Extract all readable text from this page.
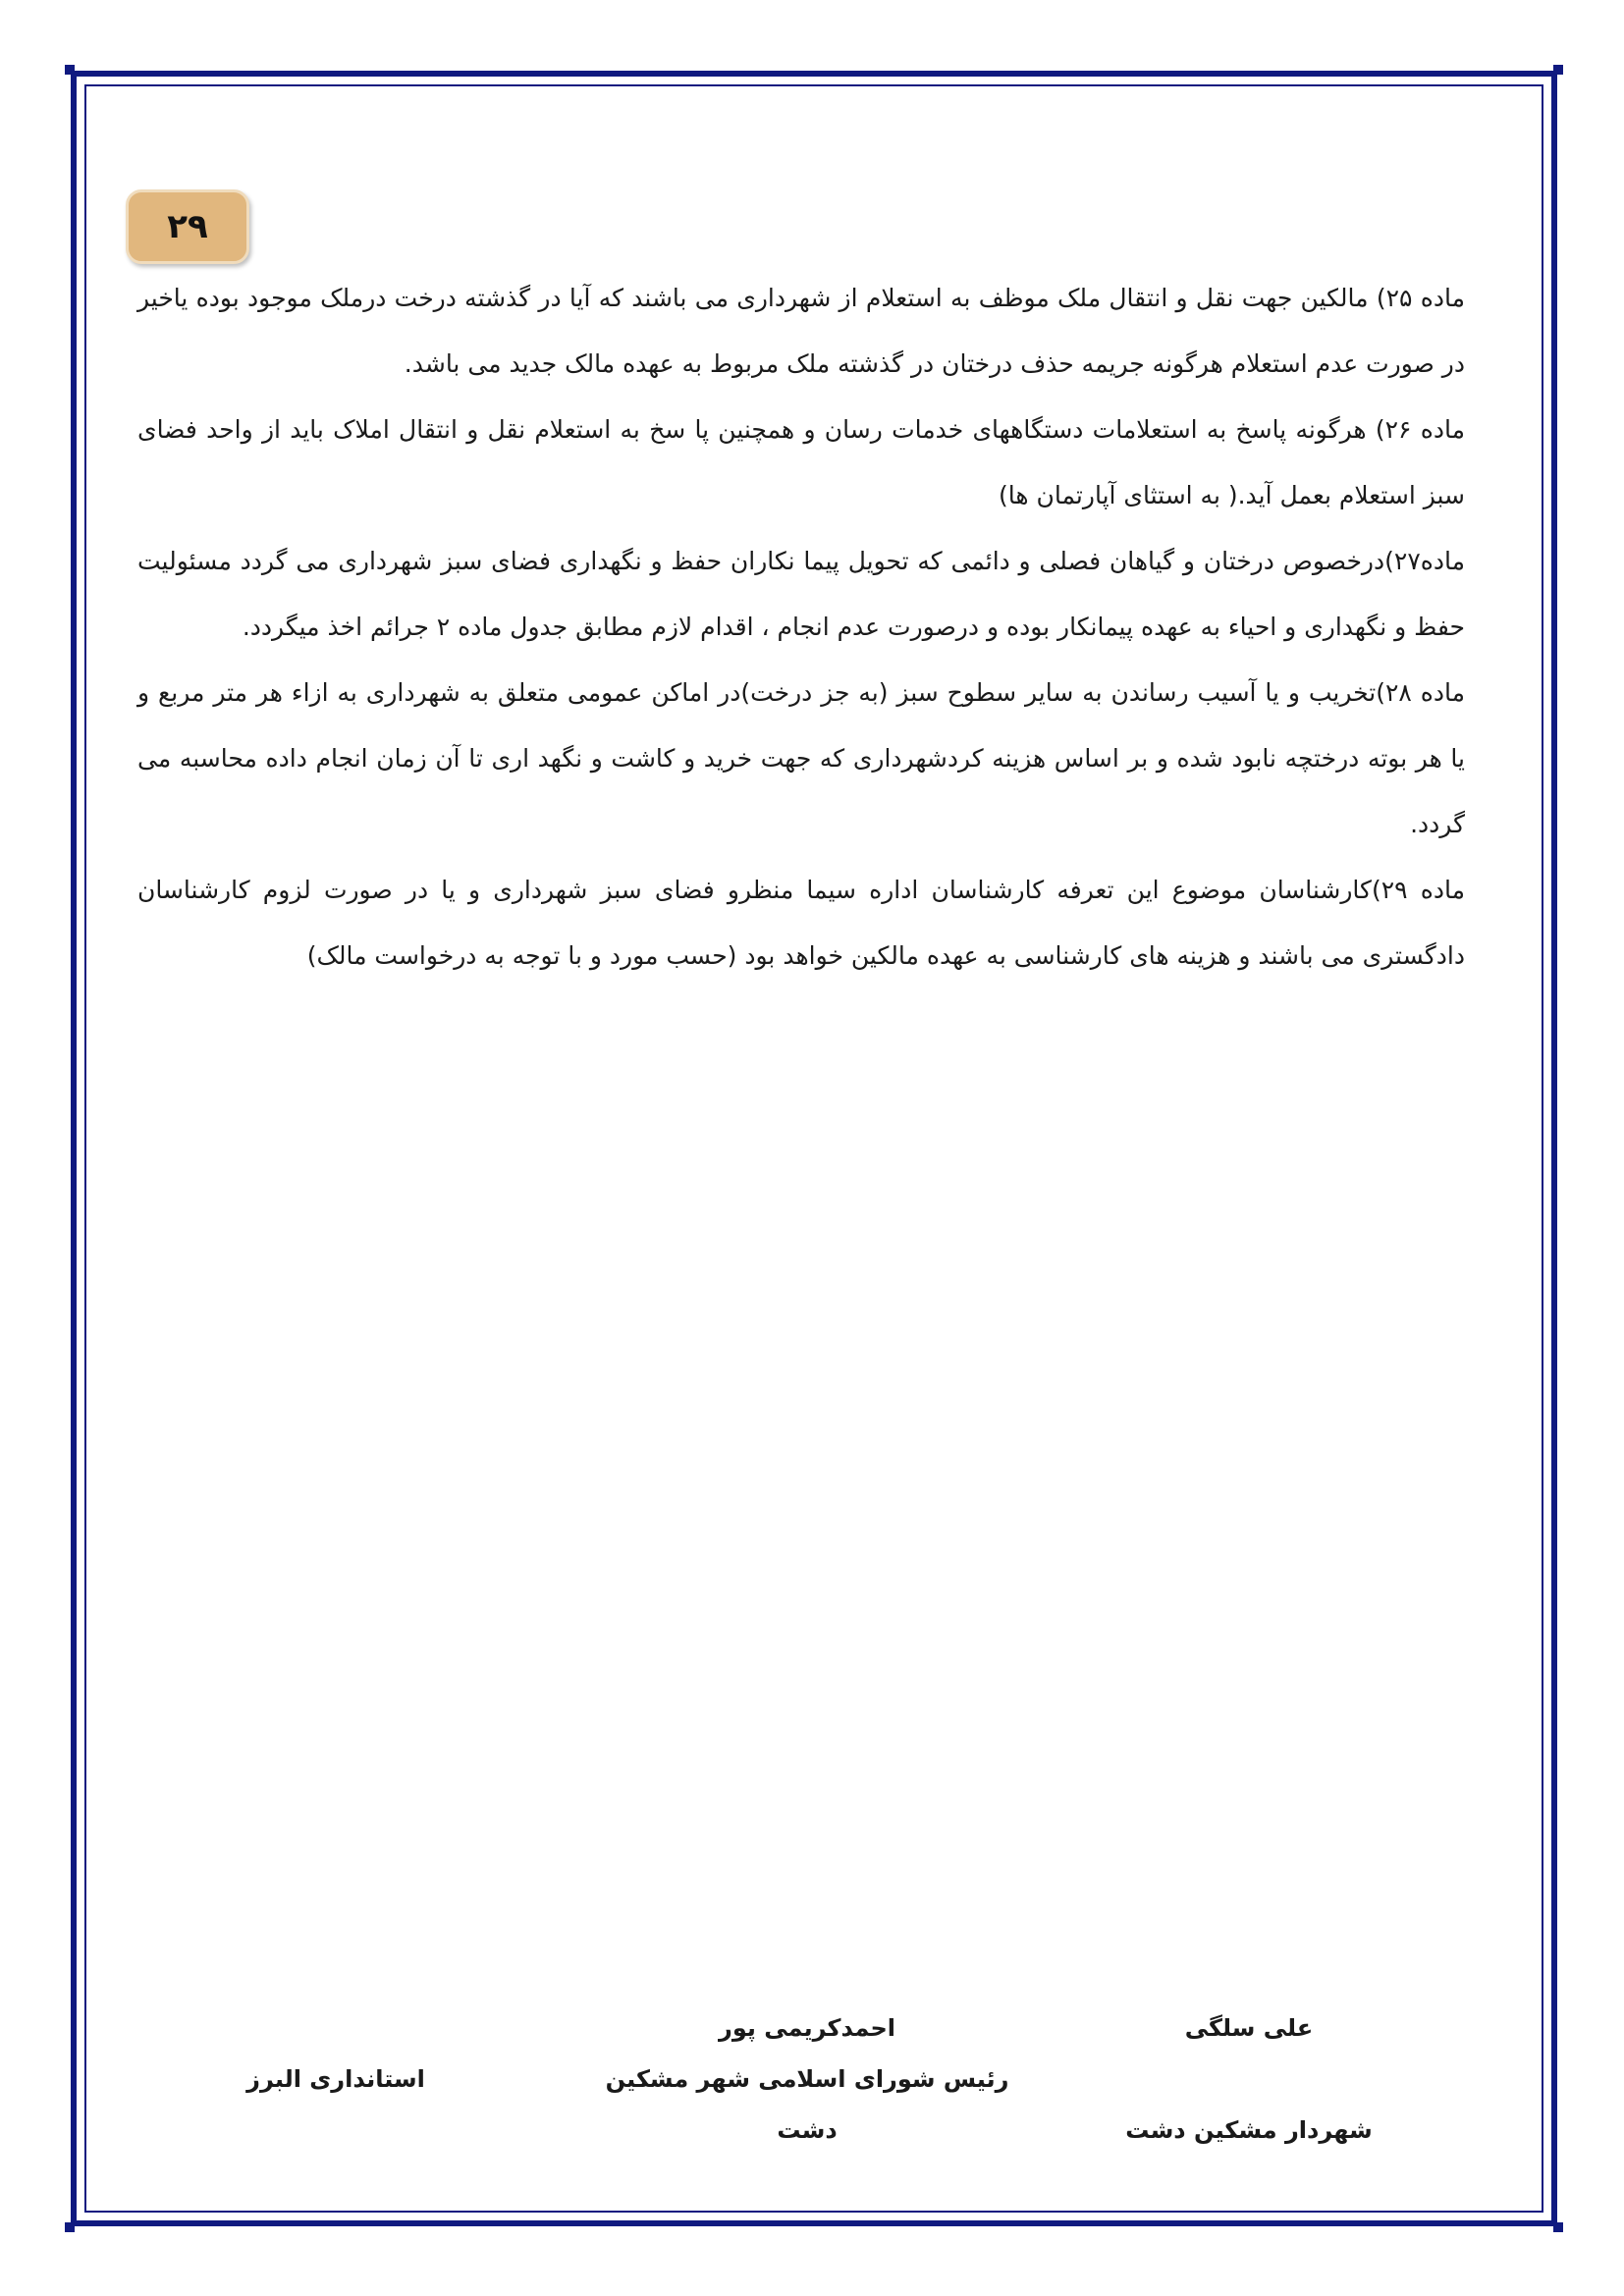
۲۹

ماده ۲۵) مالکین جهت نقل و انتقال ملک موظف به استعلام از شهرداری می باشند که آیا در گذشته درخت درملک موجود بوده یاخیر در صورت عدم استعلام هرگونه جریمه حذف درختان در گذشته ملک مربوط به عهده مالک جدید می باشد.

ماده ۲۶) هرگونه پاسخ به استعلامات دستگاههای خدمات رسان و همچنین پا سخ به استعلام نقل و انتقال املاک باید از واحد فضای سبز استعلام بعمل آید.( به استثای آپارتمان ها)

ماده۲۷)درخصوص درختان و گیاهان فصلی و دائمی که تحویل پیما نکاران حفظ و نگهداری فضای سبز شهرداری می گردد مسئولیت حفظ و نگهداری و احیاء به عهده پیمانکار بوده و درصورت عدم انجام ، اقدام لازم مطابق جدول ماده ۲ جرائم اخذ میگردد.

ماده ۲۸)تخریب و یا آسیب رساندن به سایر سطوح سبز (به جز درخت)در اماکن عمومی متعلق به شهرداری به ازاء هر متر مربع و یا هر بوته درختچه نابود شده و بر اساس هزینه کردشهرداری که جهت خرید و کاشت و نگهد اری تا آن زمان انجام داده محاسبه می گردد.

ماده ۲۹)کارشناسان موضوع این تعرفه کارشناسان اداره سیما منظرو فضای سبز شهرداری و یا در صورت لزوم کارشناسان دادگستری می باشند و هزینه های کارشناسی به عهده مالکین خواهد بود (حسب مورد و با توجه به درخواست مالک)

علی سلگی
شهردار مشکین دشت
احمدکریمی پور
رئیس شورای اسلامی شهر مشکین
دشت
استانداری البرز
